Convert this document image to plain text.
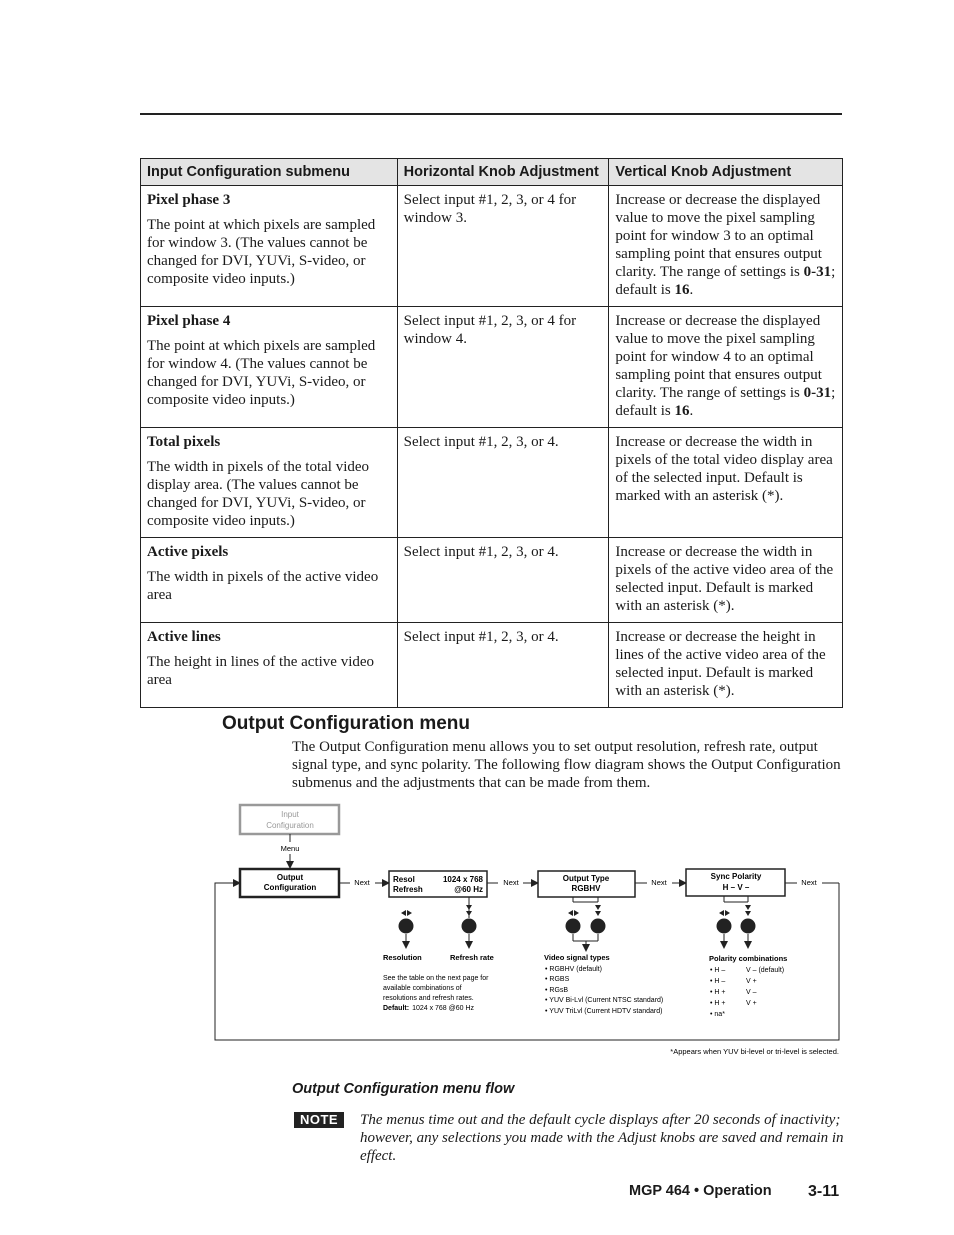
Input Configuration submenu	Horizontal Knob Adjustment	Vertical Knob Adjustment

Pixel phase 3
The point at which pixels are sampled for window 3. (The values cannot be changed for DVI, YUVi, S-video, or composite video inputs.)	Select input #1, 2, 3, or 4 for window 3.	Increase or decrease the displayed value to move the pixel sampling point for window 3 to an optimal sampling point that ensures output clarity. The range of settings is 0-31; default is 16.

Pixel phase 4
The point at which pixels are sampled for window 4. (The values cannot be changed for DVI, YUVi, S-video, or composite video inputs.)	Select input #1, 2, 3, or 4 for window 4.	Increase or decrease the displayed value to move the pixel sampling point for window 4 to an optimal sampling point that ensures output clarity. The range of settings is 0-31; default is 16.

Total pixels
The width in pixels of the total video display area. (The values cannot be changed for DVI, YUVi, S-video, or composite video inputs.)	Select input #1, 2, 3, or 4.	Increase or decrease the width in pixels of the total video display area of the selected input. Default is marked with an asterisk (*).

Active pixels
The width in pixels of the active video area	Select input #1, 2, 3, or 4.	Increase or decrease the width in pixels of the active video area of the selected input. Default is marked with an asterisk (*).

Active lines
The height in lines of the active video area	Select input #1, 2, 3, or 4.	Increase or decrease the height in lines of the active video area of the selected input. Default is marked with an asterisk (*).
Output Configuration menu
The Output Configuration menu allows you to set output resolution, refresh rate, output signal type, and sync polarity. The following flow diagram shows the Output Configuration submenus and the adjustments that can be made from them.
Input
Configuration
Menu
Output
Configuration
Next	Resol
Refresh
1024 x 768
@60 Hz
Next	Output Type
RGBHV
Next
Sync Polarity
H – V –
Next
Resolution	Refresh rate
See the table on the next page for
available combinations of
resolutions and refresh rates.
Default: 1024 x 768 @60 Hz
Video signal types
• RGBHV (default)
• RGBS
• RGsB
• YUV Bi-Lvl (Current NTSC standard)
• YUV TriLvl (Current HDTV standard)
Polarity combinations
• H –	V – (default)
• H –	V +
• H +	V –
• H +	V +
• na*
*Appears when YUV bi-level or tri-level is selected.
Output Configuration menu flow
NOTE	The menus time out and the default cycle displays after 20 seconds of inactivity; however, any selections you made with the Adjust knobs are saved and remain in effect.
MGP 464 • Operation 3-11
